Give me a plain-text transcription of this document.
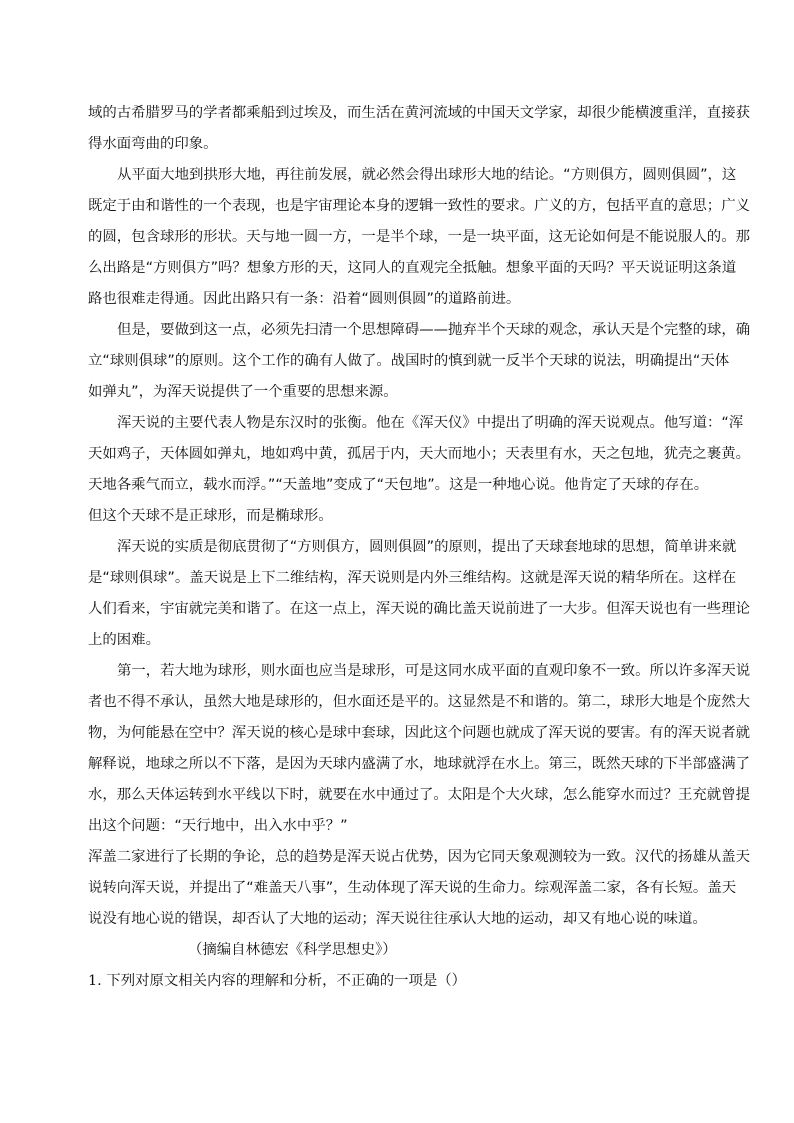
域的古希腊罗马的学者都乘船到过埃及，而生活在黄河流域的中国天文学家，却很少能横渡重洋，直接获

得水面弯曲的印象。

从平面大地到拱形大地，再往前发展，就必然会得出球形大地的结论。“方则俱方，圆则俱圆”，这

既定于由和谐性的一个表现，也是宇宙理论本身的逻辑一致性的要求。广义的方，包括平直的意思；广义

的圆，包含球形的形状。天与地一圆一方，一是半个球，一是一块平面，这无论如何是不能说服人的。那

么出路是“方则俱方”吗？想象方形的天，这同人的直观完全抵触。想象平面的天吗？平天说证明这条道

路也很难走得通。因此出路只有一条：沿着“圆则俱圆”的道路前进。

但是，要做到这一点，必须先扫清一个思想障碍——抛弃半个天球的观念，承认天是个完整的球，确

立“球则俱球”的原则。这个工作的确有人做了。战国时的慎到就一反半个天球的说法，明确提出“天体

如弹丸”，为浑天说提供了一个重要的思想来源。

浑天说的主要代表人物是东汉时的张衡。他在《浑天仪》中提出了明确的浑天说观点。他写道：“浑

天如鸡子，天体圆如弹丸，地如鸡中黄，孤居于内，天大而地小；天表里有水，天之包地，犹壳之裹黄。

天地各乘气而立，载水而浮。”“天盖地”变成了“天包地”。这是一种地心说。他肯定了天球的存在。

但这个天球不是正球形，而是椭球形。

浑天说的实质是彻底贯彻了“方则俱方，圆则俱圆”的原则，提出了天球套地球的思想，简单讲来就

是“球则俱球”。盖天说是上下二维结构，浑天说则是内外三维结构。这就是浑天说的精华所在。这样在

人们看来，宇宙就完美和谐了。在这一点上，浑天说的确比盖天说前进了一大步。但浑天说也有一些理论

上的困难。

第一，若大地为球形，则水面也应当是球形，可是这同水成平面的直观印象不一致。所以许多浑天说

者也不得不承认，虽然大地是球形的，但水面还是平的。这显然是不和谐的。第二，球形大地是个庞然大

物，为何能悬在空中？浑天说的核心是球中套球，因此这个问题也就成了浑天说的要害。有的浑天说者就

解释说，地球之所以不下落，是因为天球内盛满了水，地球就浮在水上。第三，既然天球的下半部盛满了

水，那么天体运转到水平线以下时，就要在水中通过了。太阳是个大火球，怎么能穿水而过？王充就曾提

出这个问题：“天行地中，出入水中乎？”

浑盖二家进行了长期的争论，总的趋势是浑天说占优势，因为它同天象观测较为一致。汉代的扬雄从盖天

说转向浑天说，并提出了“难盖天八事”，生动体现了浑天说的生命力。综观浑盖二家，各有长短。盖天

说没有地心说的错误，却否认了大地的运动；浑天说往往承认大地的运动，却又有地心说的味道。

（摘编自林德宏《科学思想史》）

1. 下列对原文相关内容的理解和分析，不正确的一项是（）
